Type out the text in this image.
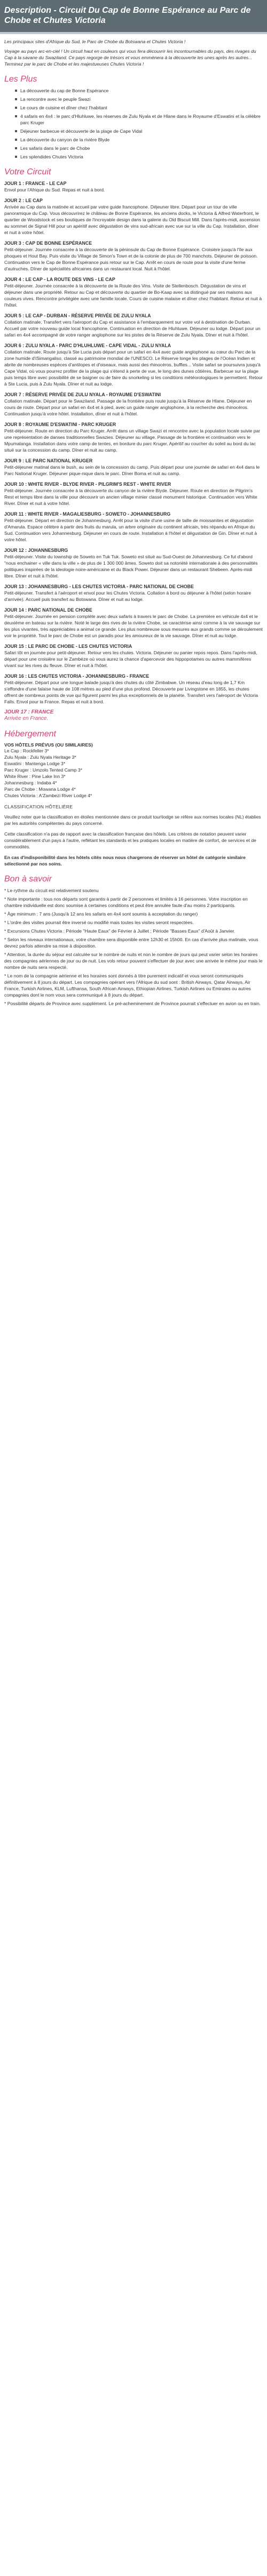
Description - Circuit Du Cap de Bonne Espérance au Parc de Chobe et Chutes Victoria

Les principaux sites d'Afrique du Sud, le Parc de Chobe du Botswana et Chutes Victoria !

Voyage au pays arc-en-ciel ! Un circuit haut en couleurs qui vous fera découvrir les incontournables du pays, des rivages du Cap à la savane du Swaziland. Ce pays regorge de trésors et vous emmènera à la découverte les unes après les autres... Terminez par le parc de Chobe et les majestueuses Chutes Victoria !

Les Plus
La découverte du cap de Bonne Espérance
La rencontre avec le peuple Swazi
Le cours de cuisine et dîner chez l'habitant
4 safaris en 4x4 : le parc d'Hluhluwe, les réserves de Zulu Nyala et de Hlane dans le Royaume d'Eswatini et la célèbre parc Kruger
Déjeuner barbecue et découverte de la plage de Cape Vidal
La découverte du canyon de la rivière Blyde
Les safaris dans le parc de Chobe
Les splendides Chutes Victoria
Votre Circuit
JOUR 1 : FRANCE - LE CAP
Envol pour l'Afrique du Sud. Repas et nuit à bord.
JOUR 2 : LE CAP
Arrivée au Cap dans la matinée et accueil par votre guide francophone. Déjeuner libre. Départ pour un tour de ville panoramique du Cap. Vous découvrirez le château de Bonne Espérance, les anciens docks, le Victoria & Alfred Waterfront, le quartier de Woodstock et ses boutiques de l'incroyable design dans la galerie du Old Biscuit Mill. Dans l'après-midi, ascension au sommet de Signal Hill pour un apéritif avec dégustation de vins sud-africain avec vue sur la ville du Cap. Installation, dîner et nuit à votre hôtel.
JOUR 3 : CAP DE BONNE ESPÉRANCE
Petit-déjeuner. Journée consacrée à la découverte de la péninsule du Cap de Bonne Espérance. Croisière jusqu'à l'île aux phoques et Hout Bay. Puis visite du Village de Simon's Town et de la colonie de plus de 700 manchots. Déjeuner de poisson. Continuation vers le Cap de Bonne Espérance puis retour sur le Cap. Arrêt en cours de route pour la visite d'une ferme d'autruches. Dîner de spécialités africaines dans un restaurant local. Nuit à l'hôtel.
JOUR 4 : LE CAP - LA ROUTE DES VINS - LE CAP
Petit-déjeuner. Journée consacrée à la découverte de la Route des Vins. Visite de Stellenbosch. Dégustation de vins et déjeuner dans une propriété. Retour au Cap et découverte du quartier de Bo-Kaap avec sa distingué par ses maisons aux couleurs vives. Rencontre privilégiée avec une famille locale. Cours de cuisine malaise et dîner chez l'habitant. Retour et nuit à l'hôtel.
JOUR 5 : LE CAP - DURBAN - RÉSERVE PRIVÉE DE ZULU NYALA
Collation matinale. Transfert vers l'aéroport du Cap et assistance à l'embarquement sur votre vol à destination de Durban. Accueil par votre nouveau guide local francophone. Continuation en direction de Hluhluwe. Déjeuner ou lodge. Départ pour un safari en 4x4 accompagné de votre ranger anglophone sur les pistes de la Réserve de Zulu Nyala. Dîner et nuit à l'hôtel.
JOUR 6 : ZULU NYALA - PARC D'HLUHLUWE - CAPE VIDAL - ZULU NYALA
Collation matinale. Route jusqu'à Ste Lucia puis départ pour un safari en 4x4 avec guide anglophone au cœur du Parc de la zone humide d'iSimangaliso, classé au patrimoine mondial de l'UNESCO. Le Réserve longe les plages de l'Océan Indien et abrite de nombreuses espèces d'antilopes et d'oiseaux, mais aussi des rhinocéros, buffles... Visite safari se poursuivra jusqu'à Cape Vidal, où vous pourrez profiter de la plage qui s'étend à perte de vue, le long des dunes côtières. Barbecue sur la plage puis temps libre avec possibilité de se baigner ou de faire du snorkeling si les conditions météorologiques le permettent. Retour à Ste Lucia, puis à Zulu Nyala. Dîner et nuit au lodge.
JOUR 7 : RÉSERVE PRIVÉE DE ZULU NYALA - ROYAUME D'ESWATINI
Collation matinale. Départ pour le Swaziland. Passage de la frontière puis route jusqu'à la Réserve de Hlane. Déjeuner en cours de route. Départ pour un safari en 4x4 et à pied, avec un guide ranger anglophone, à la recherche des rhinocéros. Continuation jusqu'à votre hôtel. Installation, dîner et nuit à l'hôtel.
JOUR 8 : ROYAUME D'ESWATINI - PARC KRUGER
Petit-déjeuner. Route en direction du Parc Kruger. Arrêt dans un village Swazi et rencontre avec la population locale suivie par une représentation de danses traditionnelles Swazies. Déjeuner au village. Passage de la frontière et continuation vers le Mpumalanga. Installation dans votre camp de tentes, en bordure du parc Kruger. Apéritif au coucher du soleil au bord du lac situé sur la concession du camp. Dîner et nuit au camp.
JOUR 9 : LE PARC NATIONAL KRUGER
Petit-déjeuner matinal dans le bush, au sein de la concession du camp. Puis départ pour une journée de safari en 4x4 dans le Parc National Kruger. Déjeuner pique-nique dans le parc. Dîner Boma et nuit au camp.
JOUR 10 : WHITE RIVER - BLYDE RIVER - PILGRIM'S REST - WHITE RIVER
Petit-déjeuner. Journée consacrée à la découverte du canyon de la rivière Blyde. Déjeuner. Route en direction de Pilgrim's Rest et temps libre dans la ville pour découvrir un ancien village minier classé monument historique. Continuation vers White River. Dîner et nuit à votre hôtel.
JOUR 11 : WHITE RIVER - MAGALIESBURG - SOWETO - JOHANNESBURG
Petit-déjeuner. Départ en direction de Johannesburg. Arrêt pour la visite d'une usine de taille de moissanites et dégustation d'Amarula. Espace célèbre à partir des fruits du marula, un arbre originaire du continent africain, très répandu en Afrique du Sud. Continuation vers Johannesburg. Déjeuner en cours de route. Installation à l'hôtel et dégustation de Gin. Dîner et nuit à votre hôtel.
JOUR 12 : JOHANNESBURG
Petit-déjeuner. Visite du township de Soweto en Tuk Tuk. Soweto est situé au Sud-Ouest de Johannesburg. Ce fut d'abord "nous enchainer « ville dans la ville » de plus de 1 300 000 âmes. Soweto doit sa notoriété internationale à des personnalités politiques inspirées de la ideologie noire-américaine et du Black Power. Déjeuner dans un restaurant Shebeen. Après-midi libre. Dîner et nuit à l'hôtel.
JOUR 13 : JOHANNESBURG - LES CHUTES VICTORIA - PARC NATIONAL DE CHOBE
Petit-déjeuner. Transfert à l'aéroport et envol pour les Chutes Victoria. Collation à bord ou déjeuner à l'hôtel (selon horaire d'arrivée). Accueil puis transfert au Botswana. Dîner et nuit au lodge.
JOUR 14 : PARC NATIONAL DE CHOBE
Petit-déjeuner. Journée en pension complète avec deux safaris à travers le parc de Chobe. La première en véhicule 4x4 et le deuxième en bateau sur la rivière. Noté le large des rives de la rivière Chobe, se caractérise ainsi comme à la vie sauvage sur les plus vivantes, très appréciables a animal ce grande. Les plus nombreuse sous mesures aux grands comme se déroulement voir le propriété. Tout le parc de Chobe est un paradis pour les amoureux de la vie sauvage. Dîner et nuit au lodge.
JOUR 15 : LE PARC DE CHOBE - LES CHUTES VICTORIA
Safari tôt en journée pour petit-déjeuner. Retour vers les chutes. Victoria. Déjeuner ou panier repos repos. Dans l'après-midi, départ pour une croisière sur le Zambèze où vous aurez la chance d'apercevoir des hippopotames ou autres mammifères vivant sur les rives du fleuve. Dîner et nuit à l'hôtel.
JOUR 16 : LES CHUTES VICTORIA - JOHANNESBURG - FRANCE
Petit-déjeuner. Départ pour une longue balade jusqu'à des chutes du côté Zimbabwe. Un réseau d'eau long de 1,7 Km s'effondre d'une falaise haute de 108 mètres au pied d'une plus profond. Découverte par Livingstone en 1855, les chutes offrent de nombreux points de vue qui figurent parmi les plus exceptionnels de la planète. Transfert vers l'aéroport de Victoria Falls. Envol pour la France. Repas et nuit à bord.
JOUR 17 : FRANCE
Arrivée en France.
Hébergement
VOS HÔTELS PRÉVUS (OU SIMILAIRES)
Le Cap : Rockfeller 3*
Zulu Nyala : Zulu Nyala Heritage 3*
Eswatini : Mantenga Lodge 3*
Parc Kruger : Umzolo Tented Camp 3*
White River : Pine Lake Inn 3*
Johannesburg : Indaba 4*
Parc de Chobe : Mowana Lodge 4*
Chutes Victoria : A'Zambezi River Lodge 4*
CLASSIFICATION HÔTELIÈRE

Veuillez noter que la classification en étoiles mentionnée dans ce produit tour\lodge se réfère aux normes locales (NL) établies par les autorités compétentes du pays concerné.

Cette classification n'a pas de rapport avec la classification française des hôtels. Les critères de notation peuvent varier considérablement d'un pays à l'autre, reflétant les standards et les pratiques locales en matière de confort, de services et de commodités.

En cas d'indisponibilité dans les hôtels cités nous nous chargerons de réserver un hôtel de catégorie similaire sélectionné par nos soins.

Bon à savoir

* Le rythme du circuit est relativement soutenu

* Note importante : tous nos départs sont garantis à partir de 2 personnes et limités à 16 personnes. Votre inscription en chambre individuelle est donc soumise à certaines conditions et peut être annulée faute d'au moins 2 participants.

* Âge minimum : 7 ans (Jusqu'à 12 ans les safaris en 4x4 sont soumis à acceptation du ranger)

* L'ordre des visites pourrait être inversé ou modifié mais toutes les visites seront respectées.

* Excursions Chutes Victoria : Période "Haute Eaux" de Février à Juillet ; Période "Basses Eaux" d'Août à Janvier.

* Selon les niveaux internationaux, votre chambre sera disponible entre 12h30 et 15h00. En cas d'arrivée plus matinale, vous devrez parfois attendre sa mise à disposition.

* Attention, la durée du séjour est calculée sur le nombre de nuits et non le nombre de jours qui peut varier selon les horaires des compagnies aériennes de jour ou de nuit. Les vols retour pouvent s'effectuer de jour avec une arrivée le même jour mais le nombre de nuits sera respecté.

* Le nom de la compagnie aérienne et les horaires sont donnés à titre purement indicatif et vous seront communiqués définitivement à 8 jours du départ. Les compagnies opérant vers l'Afrique du sud sont : British Airways, Qatar Airways, Air France, Turkish Airlines, KLM, Lufthansa, South African Airways, Ethiopian Airlines, Turkish Airlines ou Emirates ou autres compagnies dont le nom vous sera communiqué à 8 jours du départ.

* Possibilité départs de Province avec supplément. Le pré-acheminement de Province pourrait s'effectuer en avion ou en train.
